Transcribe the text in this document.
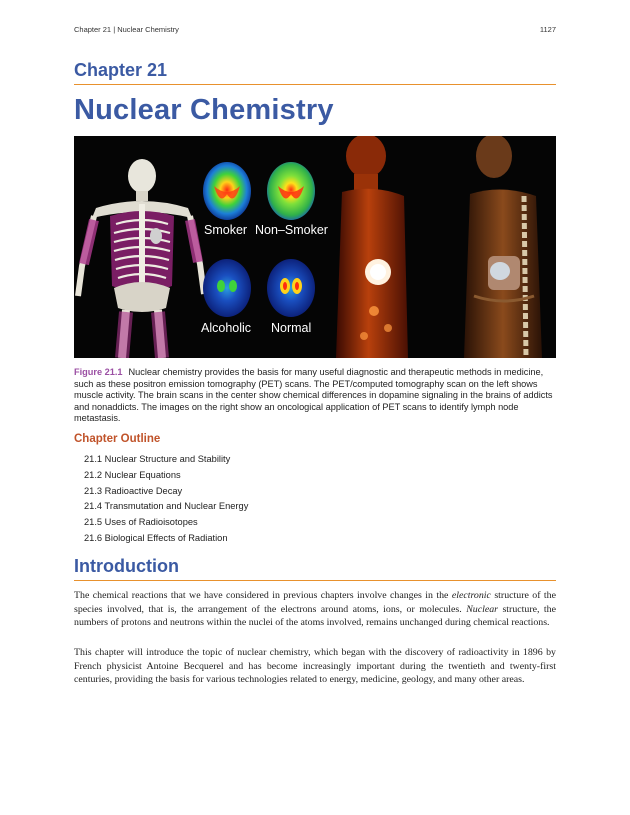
Chapter 21 | Nuclear Chemistry	1127
Chapter 21
Nuclear Chemistry
Smoker Non–Smoker
Alcoholic Normal
Figure 21.1 Nuclear chemistry provides the basis for many useful diagnostic and therapeutic methods in medicine, such as these positron emission tomography (PET) scans. The PET/computed tomography scan on the left shows muscle activity. The brain scans in the center show chemical differences in dopamine signaling in the brains of addicts and nonaddicts. The images on the right show an oncological application of PET scans to identify lymph node metastasis.
Chapter Outline
21.1 Nuclear Structure and Stability
21.2 Nuclear Equations
21.3 Radioactive Decay
21.4 Transmutation and Nuclear Energy
21.5 Uses of Radioisotopes
21.6 Biological Effects of Radiation
Introduction

The chemical reactions that we have considered in previous chapters involve changes in the electronic structure of the species involved, that is, the arrangement of the electrons around atoms, ions, or molecules. Nuclear structure, the numbers of protons and neutrons within the nuclei of the atoms involved, remains unchanged during chemical reactions.

This chapter will introduce the topic of nuclear chemistry, which began with the discovery of radioactivity in 1896 by French physicist Antoine Becquerel and has become increasingly important during the twentieth and twenty-first centuries, providing the basis for various technologies related to energy, medicine, geology, and many other areas.
